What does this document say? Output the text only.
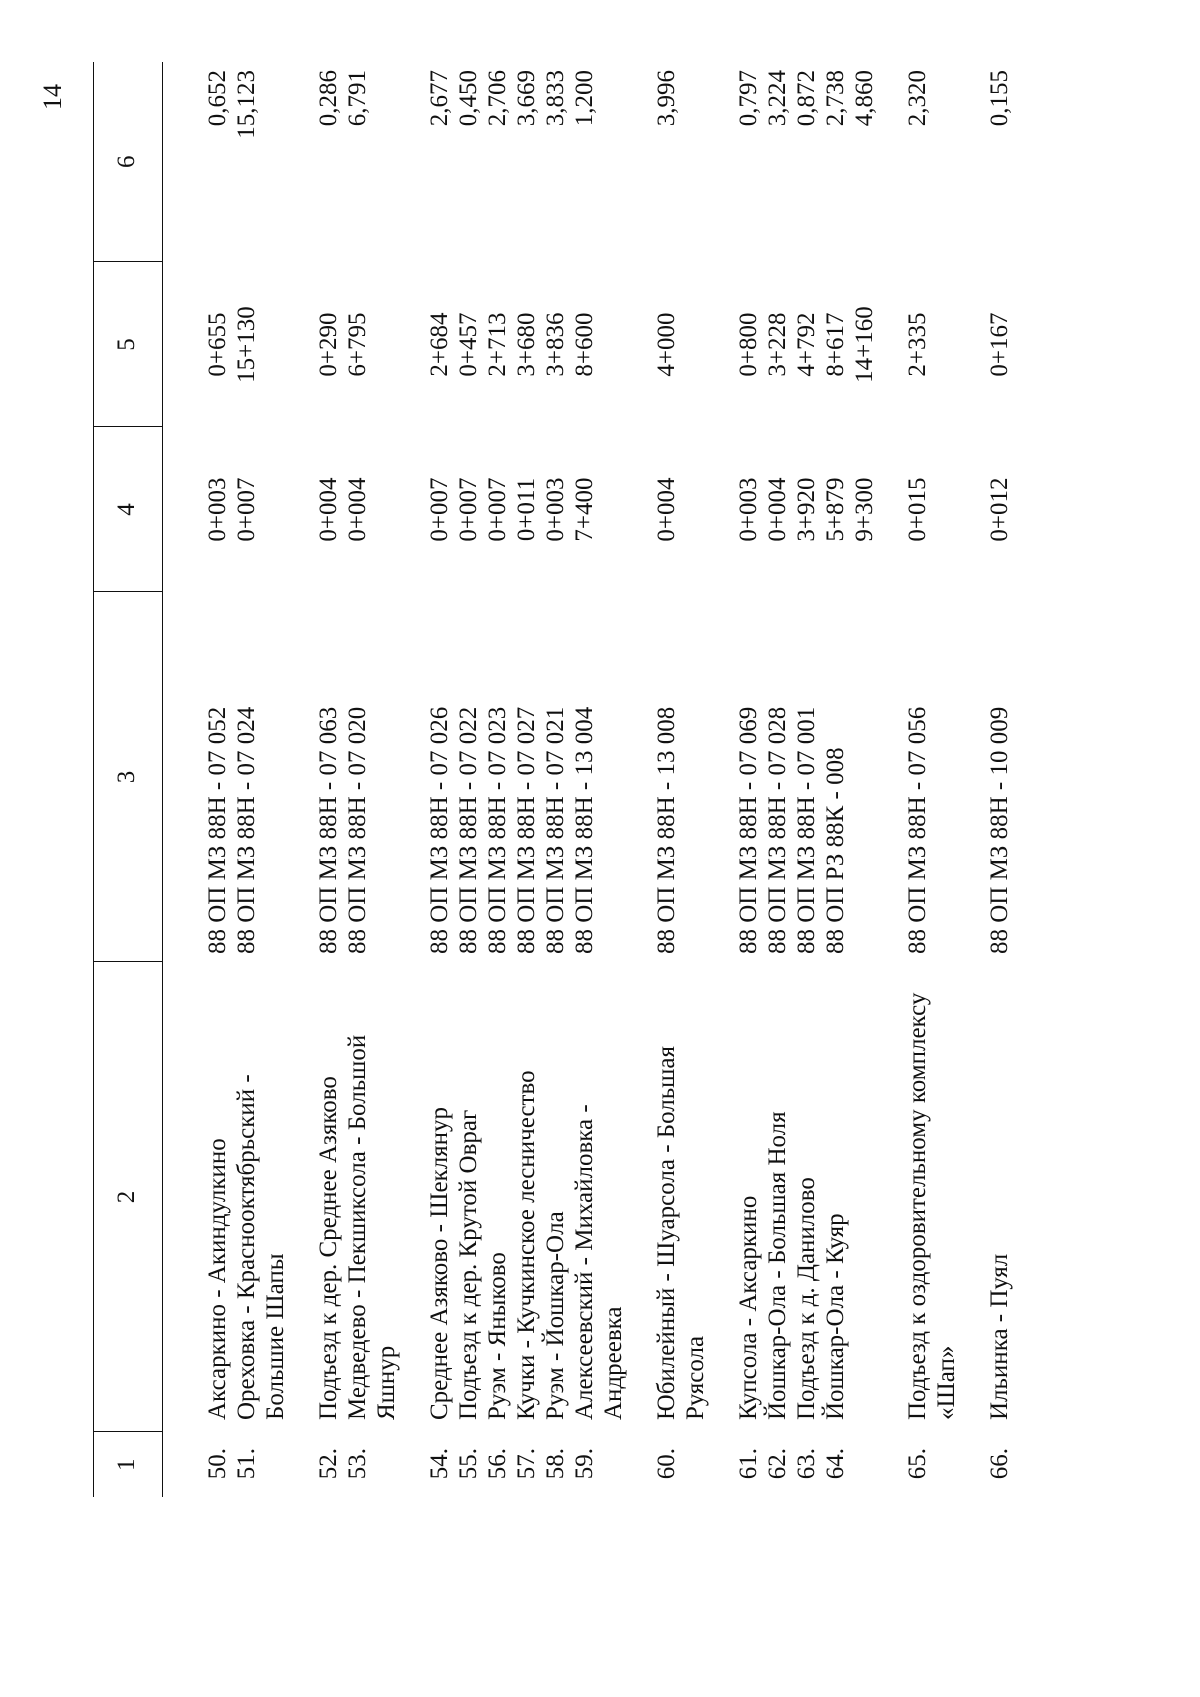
14
1	2	3	4	5	6

50.	Аксаркино - Акиндулкино	88 ОП МЗ 88Н - 07 052	0+003	0+655	0,652
51.	Ореховка - Краснооктябрьский - Большие Шапы	88 ОП МЗ 88Н - 07 024	0+007	15+130	15,123
52.	Подъезд к дер. Среднее Азяково	88 ОП МЗ 88Н - 07 063	0+004	0+290	0,286
53.	Медведево - Пекшиксола - Большой Яшнур	88 ОП МЗ 88Н - 07 020	0+004	6+795	6,791
54.	Среднее Азяково - Шеклянур	88 ОП МЗ 88Н - 07 026	0+007	2+684	2,677
55.	Подъезд к дер. Крутой Овраг	88 ОП МЗ 88Н - 07 022	0+007	0+457	0,450
56.	Руэм - Яныково	88 ОП МЗ 88Н - 07 023	0+007	2+713	2,706
57.	Кучки - Кучкинское лесничество	88 ОП МЗ 88Н - 07 027	0+011	3+680	3,669
58.	Руэм - Йошкар-Ола	88 ОП МЗ 88Н - 07 021	0+003	3+836	3,833
59.	Алексеевский - Михайловка - Андреевка	88 ОП МЗ 88Н - 13 004	7+400	8+600	1,200
60.	Юбилейный - Шуарсола - Большая Руясола	88 ОП МЗ 88Н - 13 008	0+004	4+000	3,996
61.	Купсола - Аксаркино	88 ОП МЗ 88Н - 07 069	0+003	0+800	0,797
62.	Йошкар-Ола - Большая Ноля	88 ОП МЗ 88Н - 07 028	0+004	3+228	3,224
63.	Подъезд к д. Данилово	88 ОП МЗ 88Н - 07 001	3+920	4+792	0,872
64.	Йошкар-Ола - Куяр	88 ОП РЗ 88К - 008	5+879	8+617	2,738
			9+300	14+160	4,860
65.	Подъезд к оздоровительному комплексу «Шап»	88 ОП МЗ 88Н - 07 056	0+015	2+335	2,320
66.	Ильинка - Пуял	88 ОП МЗ 88Н - 10 009	0+012	0+167	0,155
